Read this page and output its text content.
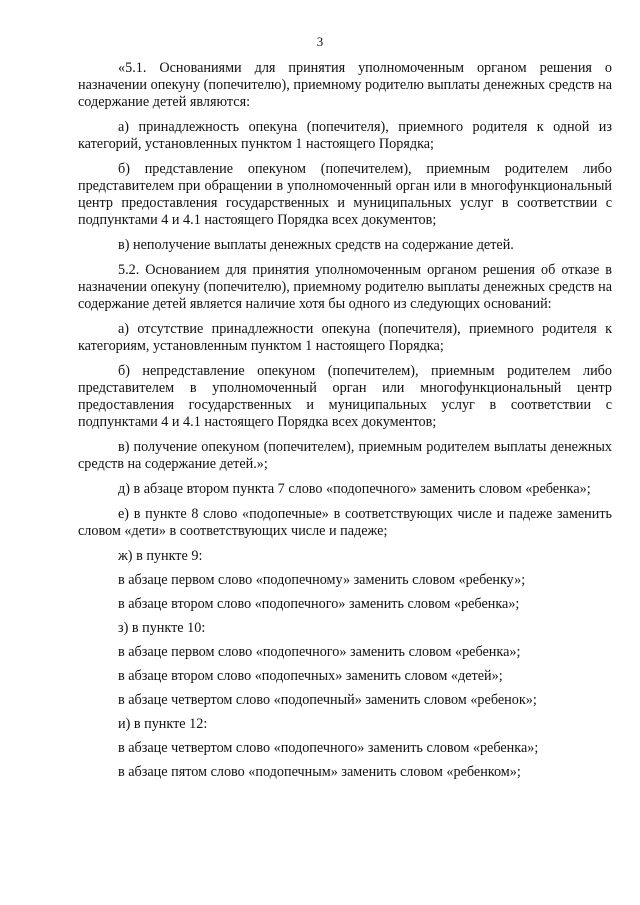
3

«5.1. Основаниями для принятия уполномоченным органом решения о назначении опекуну (попечителю), приемному родителю выплаты денежных средств на содержание детей являются:

а) принадлежность опекуна (попечителя), приемного родителя к одной из категорий, установленных пунктом 1 настоящего Порядка;

б) представление опекуном (попечителем), приемным родителем либо представителем при обращении в уполномоченный орган или в многофункциональный центр предоставления государственных и муниципальных услуг в соответствии с подпунктами 4 и 4.1 настоящего Порядка всех документов;

в) неполучение выплаты денежных средств на содержание детей.

5.2. Основанием для принятия уполномоченным органом решения об отказе в назначении опекуну (попечителю), приемному родителю выплаты денежных средств на содержание детей является наличие хотя бы одного из следующих оснований:

а) отсутствие принадлежности опекуна (попечителя), приемного родителя к категориям, установленным пунктом 1 настоящего Порядка;

б) непредставление опекуном (попечителем), приемным родителем либо представителем в уполномоченный орган или многофункциональный центр предоставления государственных и муниципальных услуг в соответствии с подпунктами 4 и 4.1 настоящего Порядка всех документов;

в) получение опекуном (попечителем), приемным родителем выплаты денежных средств на содержание детей.»;

д) в абзаце втором пункта 7 слово «подопечного» заменить словом «ребенка»;

е) в пункте 8 слово «подопечные» в соответствующих числе и падеже заменить словом «дети» в соответствующих числе и падеже;

ж) в пункте 9:

в абзаце первом слово «подопечному» заменить словом «ребенку»;

в абзаце втором слово «подопечного» заменить словом «ребенка»;

з) в пункте 10:

в абзаце первом слово «подопечного» заменить словом «ребенка»;

в абзаце втором слово «подопечных» заменить словом «детей»;

в абзаце четвертом слово «подопечный» заменить словом «ребенок»;

и) в пункте 12:

в абзаце четвертом слово «подопечного» заменить словом «ребенка»;

в абзаце пятом слово «подопечным» заменить словом «ребенком»;
